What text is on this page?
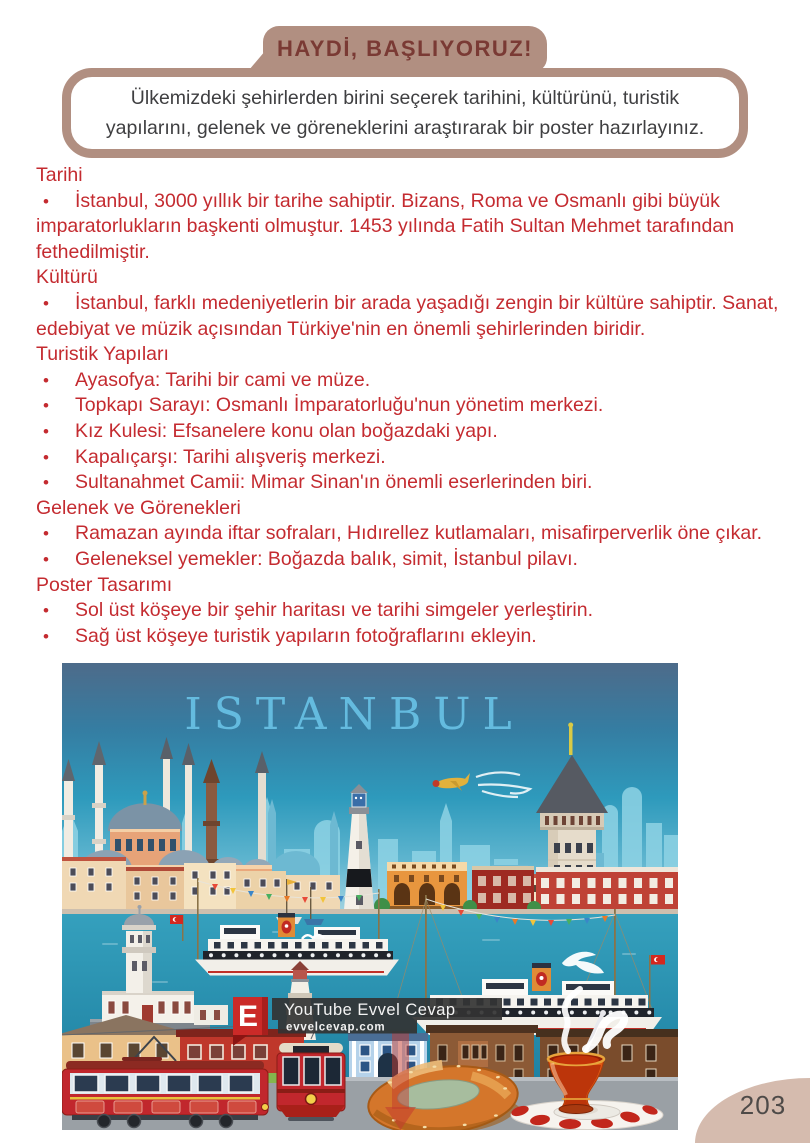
HAYDİ, BAŞLIYORUZ!
Ülkemizdeki şehirlerden birini seçerek tarihini, kültürünü, turistik
yapılarını, gelenek ve göreneklerini araştırarak bir poster hazırlayınız.
Tarihi
• İstanbul, 3000 yıllık bir tarihe sahiptir. Bizans, Roma ve Osmanlı gibi büyük
imparatorlukların başkenti olmuştur. 1453 yılında Fatih Sultan Mehmet tarafından
fethedilmiştir.
Kültürü
• İstanbul, farklı medeniyetlerin bir arada yaşadığı zengin bir kültüre sahiptir. Sanat,
edebiyat ve müzik açısından Türkiye'nin en önemli şehirlerinden biridir.
Turistik Yapıları
• Ayasofya: Tarihi bir cami ve müze.
• Topkapı Sarayı: Osmanlı İmparatorluğu'nun yönetim merkezi.
• Kız Kulesi: Efsanelere konu olan boğazdaki yapı.
• Kapalıçarşı: Tarihi alışveriş merkezi.
• Sultanahmet Camii: Mimar Sinan'ın önemli eserlerinden biri.
Gelenek ve Görenekleri
• Ramazan ayında iftar sofraları, Hıdırellez kutlamaları, misafirperverlik öne çıkar.
• Geleneksel yemekler: Boğazda balık, simit, İstanbul pilavı.
Poster Tasarımı
• Sol üst köşeye bir şehir haritası ve tarihi simgeler yerleştirin.
• Sağ üst köşeye turistik yapıların fotoğraflarını ekleyin.
ISTANBUL
YouTube Evvel Cevap
evvelcevap.com
E
203
